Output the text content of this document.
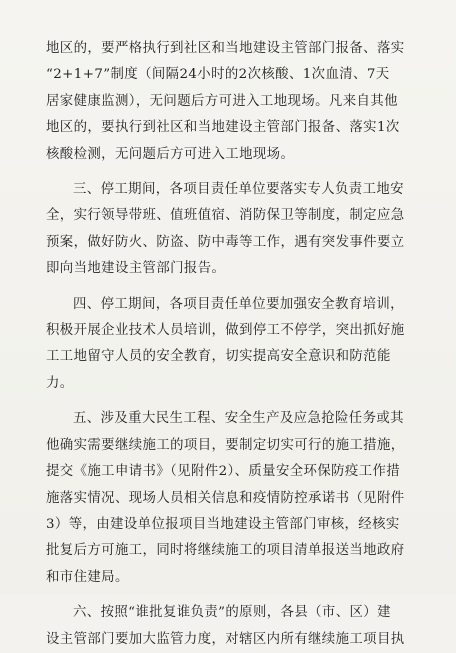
地区的，要严格执行到社区和当地建设主管部门报备、落实
“2+1+7”制度（间隔24小时的2次核酸、1次血清、7天
居家健康监测），无问题后方可进入工地现场。凡来自其他
地区的，要执行到社区和当地建设主管部门报备、落实1次
核酸检测，无问题后方可进入工地现场。
三、停工期间，各项目责任单位要落实专人负责工地安
全，实行领导带班、值班值宿、消防保卫等制度，制定应急
预案，做好防火、防盗、防中毒等工作，遇有突发事件要立
即向当地建设主管部门报告。
四、停工期间，各项目责任单位要加强安全教育培训，
积极开展企业技术人员培训，做到停工不停学，突出抓好施
工工地留守人员的安全教育，切实提高安全意识和防范能
力。
五、涉及重大民生工程、安全生产及应急抢险任务或其
他确实需要继续施工的项目，要制定切实可行的施工措施，
提交《施工申请书》（见附件2）、质量安全环保防疫工作措
施落实情况、现场人员相关信息和疫情防控承诺书（见附件
3）等，由建设单位报项目当地建设主管部门审核，经核实
批复后方可施工，同时将继续施工的项目清单报送当地政府
和市住建局。
六、按照“谁批复谁负责”的原则，各县（市、区）建
设主管部门要加大监管力度，对辖区内所有继续施工项目执
